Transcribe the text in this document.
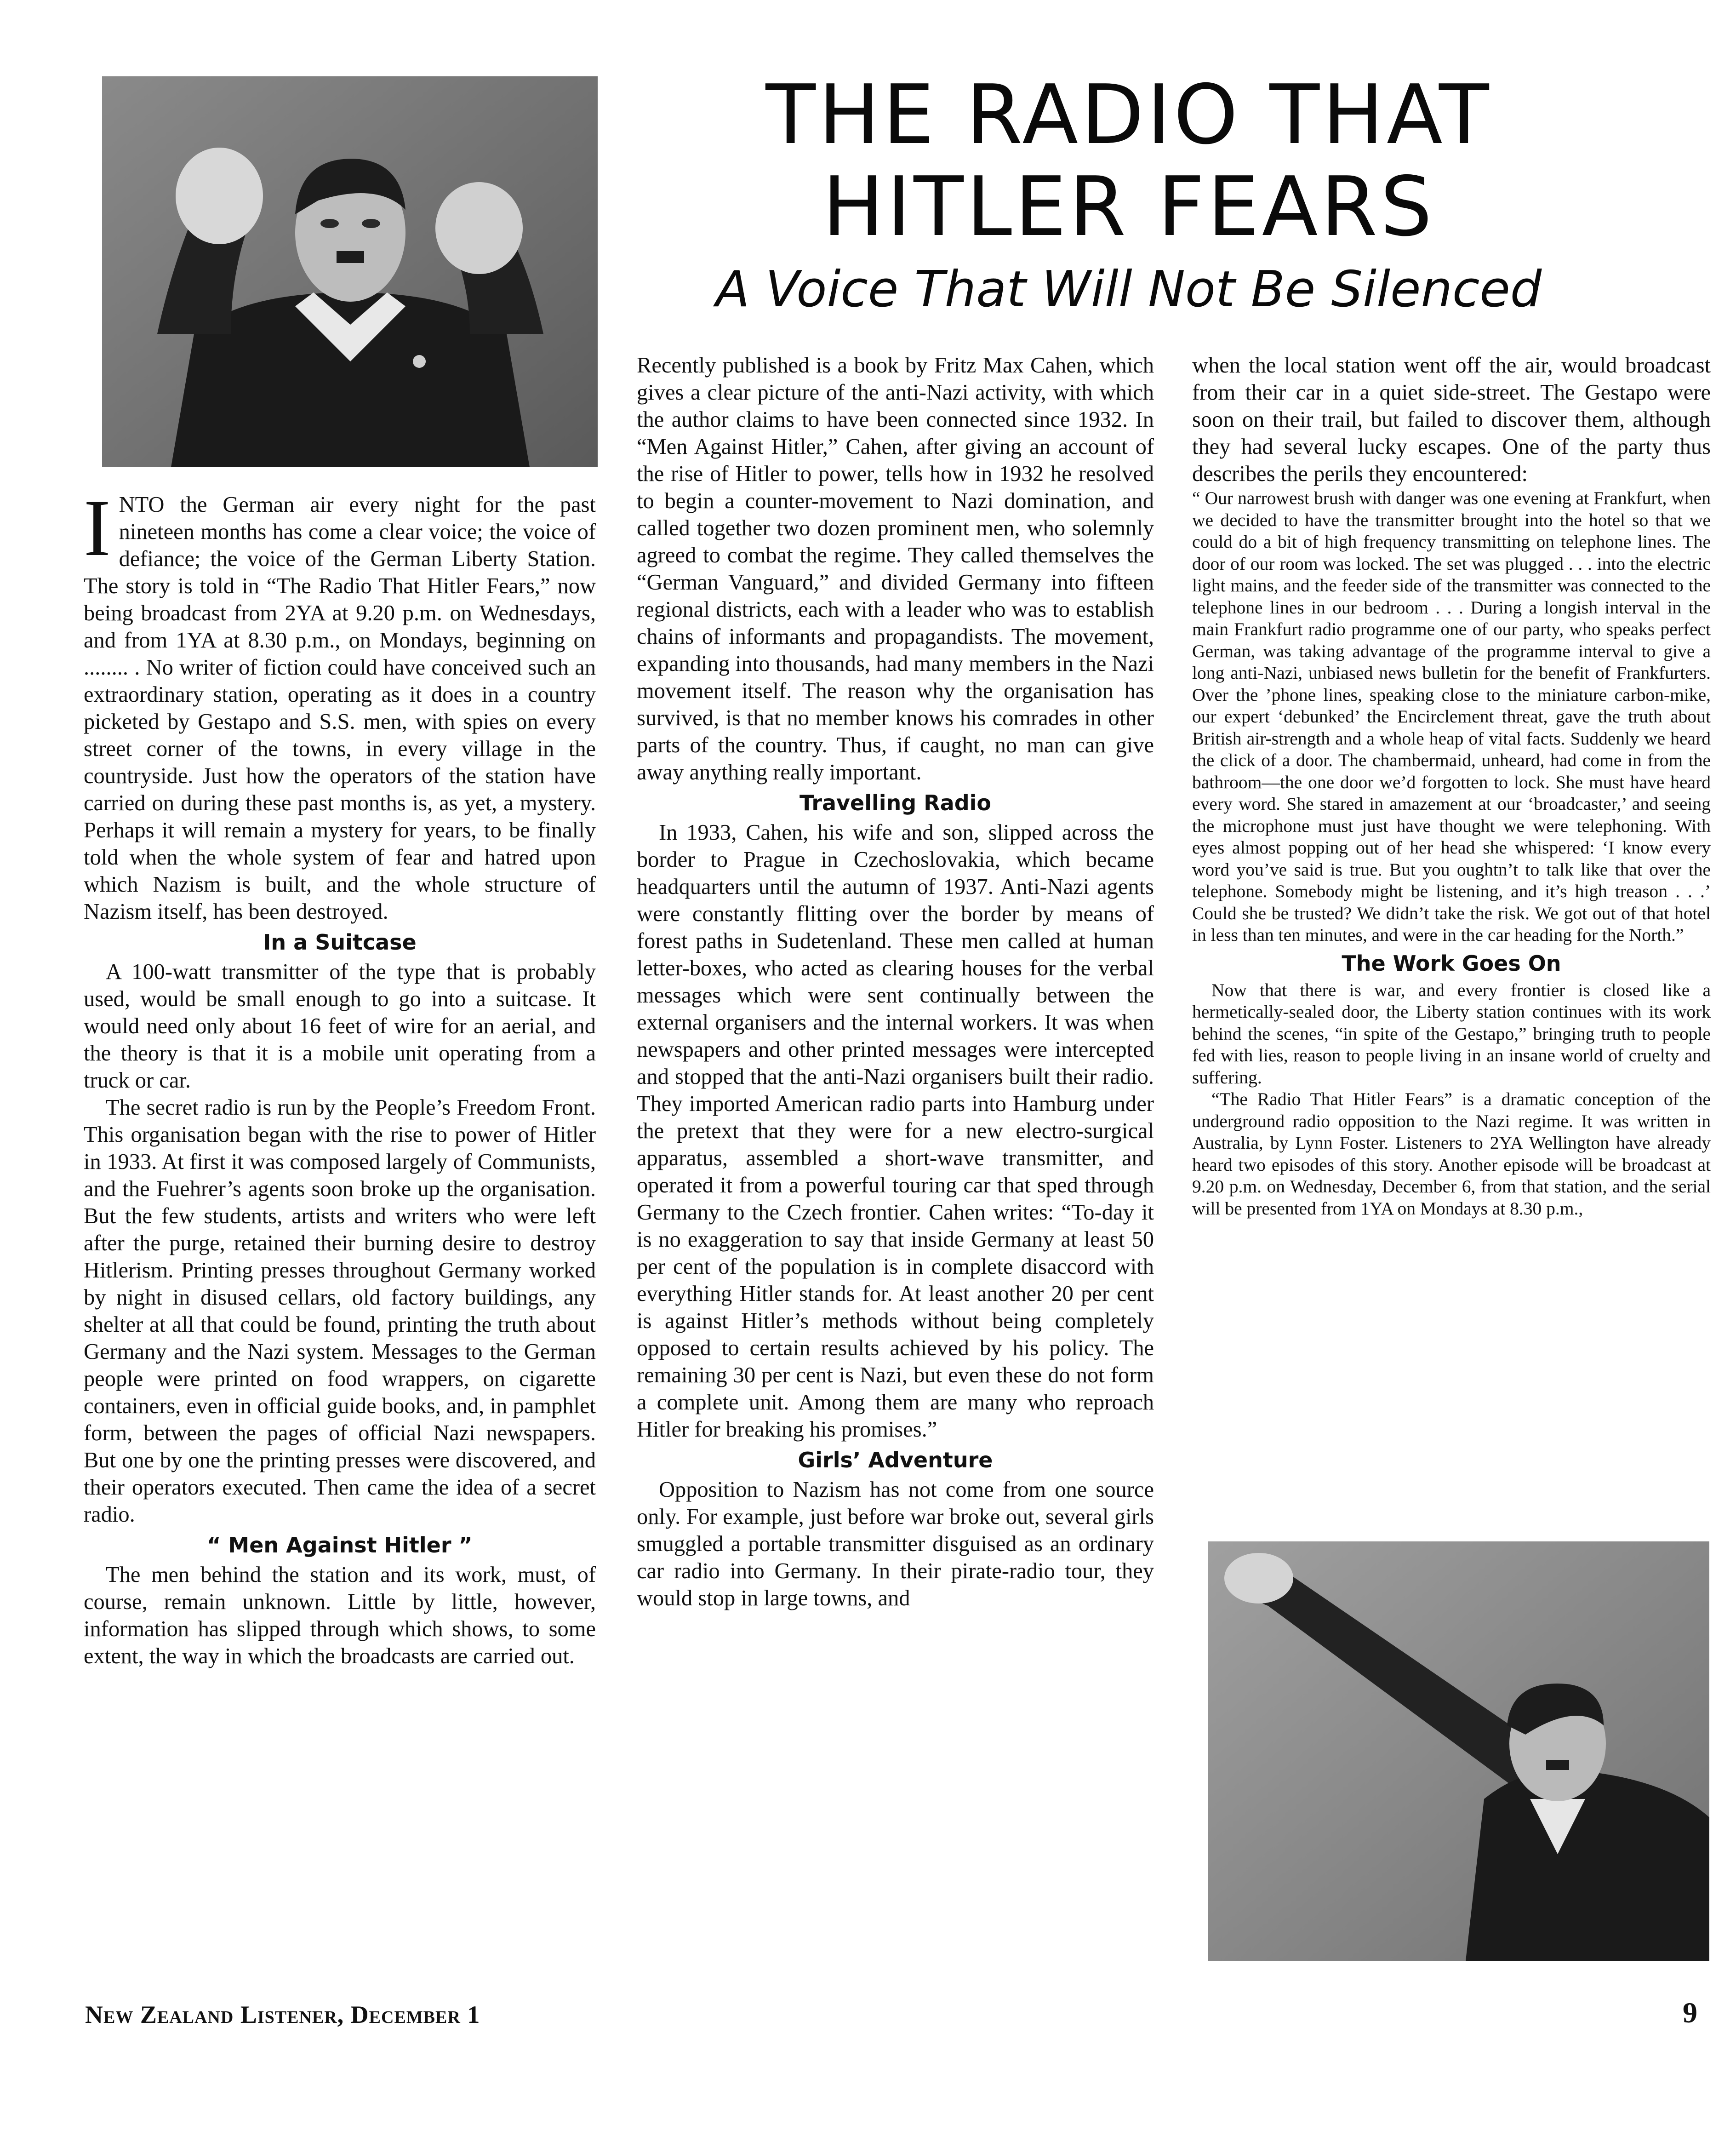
THE RADIO THAT
HITLER FEARS
A Voice That Will Not Be Silenced

INTO the German air every night for the past nineteen months has come a clear voice; the voice of defiance; the voice of the German Liberty Station. The story is told in “The Radio That Hitler Fears,” now being broadcast from 2YA at 9.20 p.m. on Wednesdays, and from 1YA at 8.30 p.m., on Mondays, beginning on ........ . No writer of fiction could have conceived such an extraordinary station, operating as it does in a country picketed by Gestapo and S.S. men, with spies on every street corner of the towns, in every village in the countryside. Just how the operators of the station have carried on during these past months is, as yet, a mystery. Perhaps it will remain a mystery for years, to be finally told when the whole system of fear and hatred upon which Nazism is built, and the whole structure of Nazism itself, has been destroyed.

In a Suitcase

A 100-watt transmitter of the type that is probably used, would be small enough to go into a suitcase. It would need only about 16 feet of wire for an aerial, and the theory is that it is a mobile unit operating from a truck or car.

The secret radio is run by the People’s Freedom Front. This organisation began with the rise to power of Hitler in 1933. At first it was composed largely of Communists, and the Fuehrer’s agents soon broke up the organisation. But the few students, artists and writers who were left after the purge, retained their burning desire to destroy Hitlerism. Printing presses throughout Germany worked by night in disused cellars, old factory buildings, any shelter at all that could be found, printing the truth about Germany and the Nazi system. Messages to the German people were printed on food wrappers, on cigarette containers, even in official guide books, and, in pamphlet form, between the pages of official Nazi newspapers. But one by one the printing presses were discovered, and their operators executed. Then came the idea of a secret radio.

“ Men Against Hitler ”

The men behind the station and its work, must, of course, remain unknown. Little by little, however, information has slipped through which shows, to some extent, the way in which the broadcasts are carried out.

Recently published is a book by Fritz Max Cahen, which gives a clear picture of the anti-Nazi activity, with which the author claims to have been connected since 1932. In “Men Against Hitler,” Cahen, after giving an account of the rise of Hitler to power, tells how in 1932 he resolved to begin a counter-movement to Nazi domination, and called together two dozen prominent men, who solemnly agreed to combat the regime. They called themselves the “German Vanguard,” and divided Germany into fifteen regional districts, each with a leader who was to establish chains of informants and propagandists. The movement, expanding into thousands, had many members in the Nazi movement itself. The reason why the organisation has survived, is that no member knows his comrades in other parts of the country. Thus, if caught, no man can give away anything really important.

Travelling Radio

In 1933, Cahen, his wife and son, slipped across the border to Prague in Czechoslovakia, which became headquarters until the autumn of 1937. Anti-Nazi agents were constantly flitting over the border by means of forest paths in Sudetenland. These men called at human letter-boxes, who acted as clearing houses for the verbal messages which were sent continually between the external organisers and the internal workers. It was when newspapers and other printed messages were intercepted and stopped that the anti-Nazi organisers built their radio. They imported American radio parts into Hamburg under the pretext that they were for a new electro-surgical apparatus, assembled a short-wave transmitter, and operated it from a powerful touring car that sped through Germany to the Czech frontier. Cahen writes: “To-day it is no exaggeration to say that inside Germany at least 50 per cent of the population is in complete disaccord with everything Hitler stands for. At least another 20 per cent is against Hitler’s methods without being completely opposed to certain results achieved by his policy. The remaining 30 per cent is Nazi, but even these do not form a complete unit. Among them are many who reproach Hitler for breaking his promises.”

Girls’ Adventure

Opposition to Nazism has not come from one source only. For example, just before war broke out, several girls smuggled a portable transmitter disguised as an ordinary car radio into Germany. In their pirate-radio tour, they would stop in large towns, and

when the local station went off the air, would broadcast from their car in a quiet side-street. The Gestapo were soon on their trail, but failed to discover them, although they had several lucky escapes. One of the party thus describes the perils they encountered:

“ Our narrowest brush with danger was one evening at Frankfurt, when we decided to have the transmitter brought into the hotel so that we could do a bit of high frequency transmitting on telephone lines. The door of our room was locked. The set was plugged . . . into the electric light mains, and the feeder side of the transmitter was connected to the telephone lines in our bedroom . . . During a longish interval in the main Frankfurt radio programme one of our party, who speaks perfect German, was taking advantage of the programme interval to give a long anti-Nazi, unbiased news bulletin for the benefit of Frankfurters. Over the ’phone lines, speaking close to the miniature carbon-mike, our expert ‘debunked’ the Encirclement threat, gave the truth about British air-strength and a whole heap of vital facts. Suddenly we heard the click of a door. The chambermaid, unheard, had come in from the bathroom—the one door we’d forgotten to lock. She must have heard every word. She stared in amazement at our ‘broadcaster,’ and seeing the microphone must just have thought we were telephoning. With eyes almost popping out of her head she whispered: ‘I know every word you’ve said is true. But you oughtn’t to talk like that over the telephone. Somebody might be listening, and it’s high treason . . .’ Could she be trusted? We didn’t take the risk. We got out of that hotel in less than ten minutes, and were in the car heading for the North.”

The Work Goes On

Now that there is war, and every frontier is closed like a hermetically-sealed door, the Liberty station continues with its work behind the scenes, “in spite of the Gestapo,” bringing truth to people fed with lies, reason to people living in an insane world of cruelty and suffering.

“The Radio That Hitler Fears” is a dramatic conception of the underground radio opposition to the Nazi regime. It was written in Australia, by Lynn Foster. Listeners to 2YA Wellington have already heard two episodes of this story. Another episode will be broadcast at 9.20 p.m. on Wednesday, December 6, from that station, and the serial will be presented from 1YA on Mondays at 8.30 p.m.,

New Zealand Listener, December 1	9
